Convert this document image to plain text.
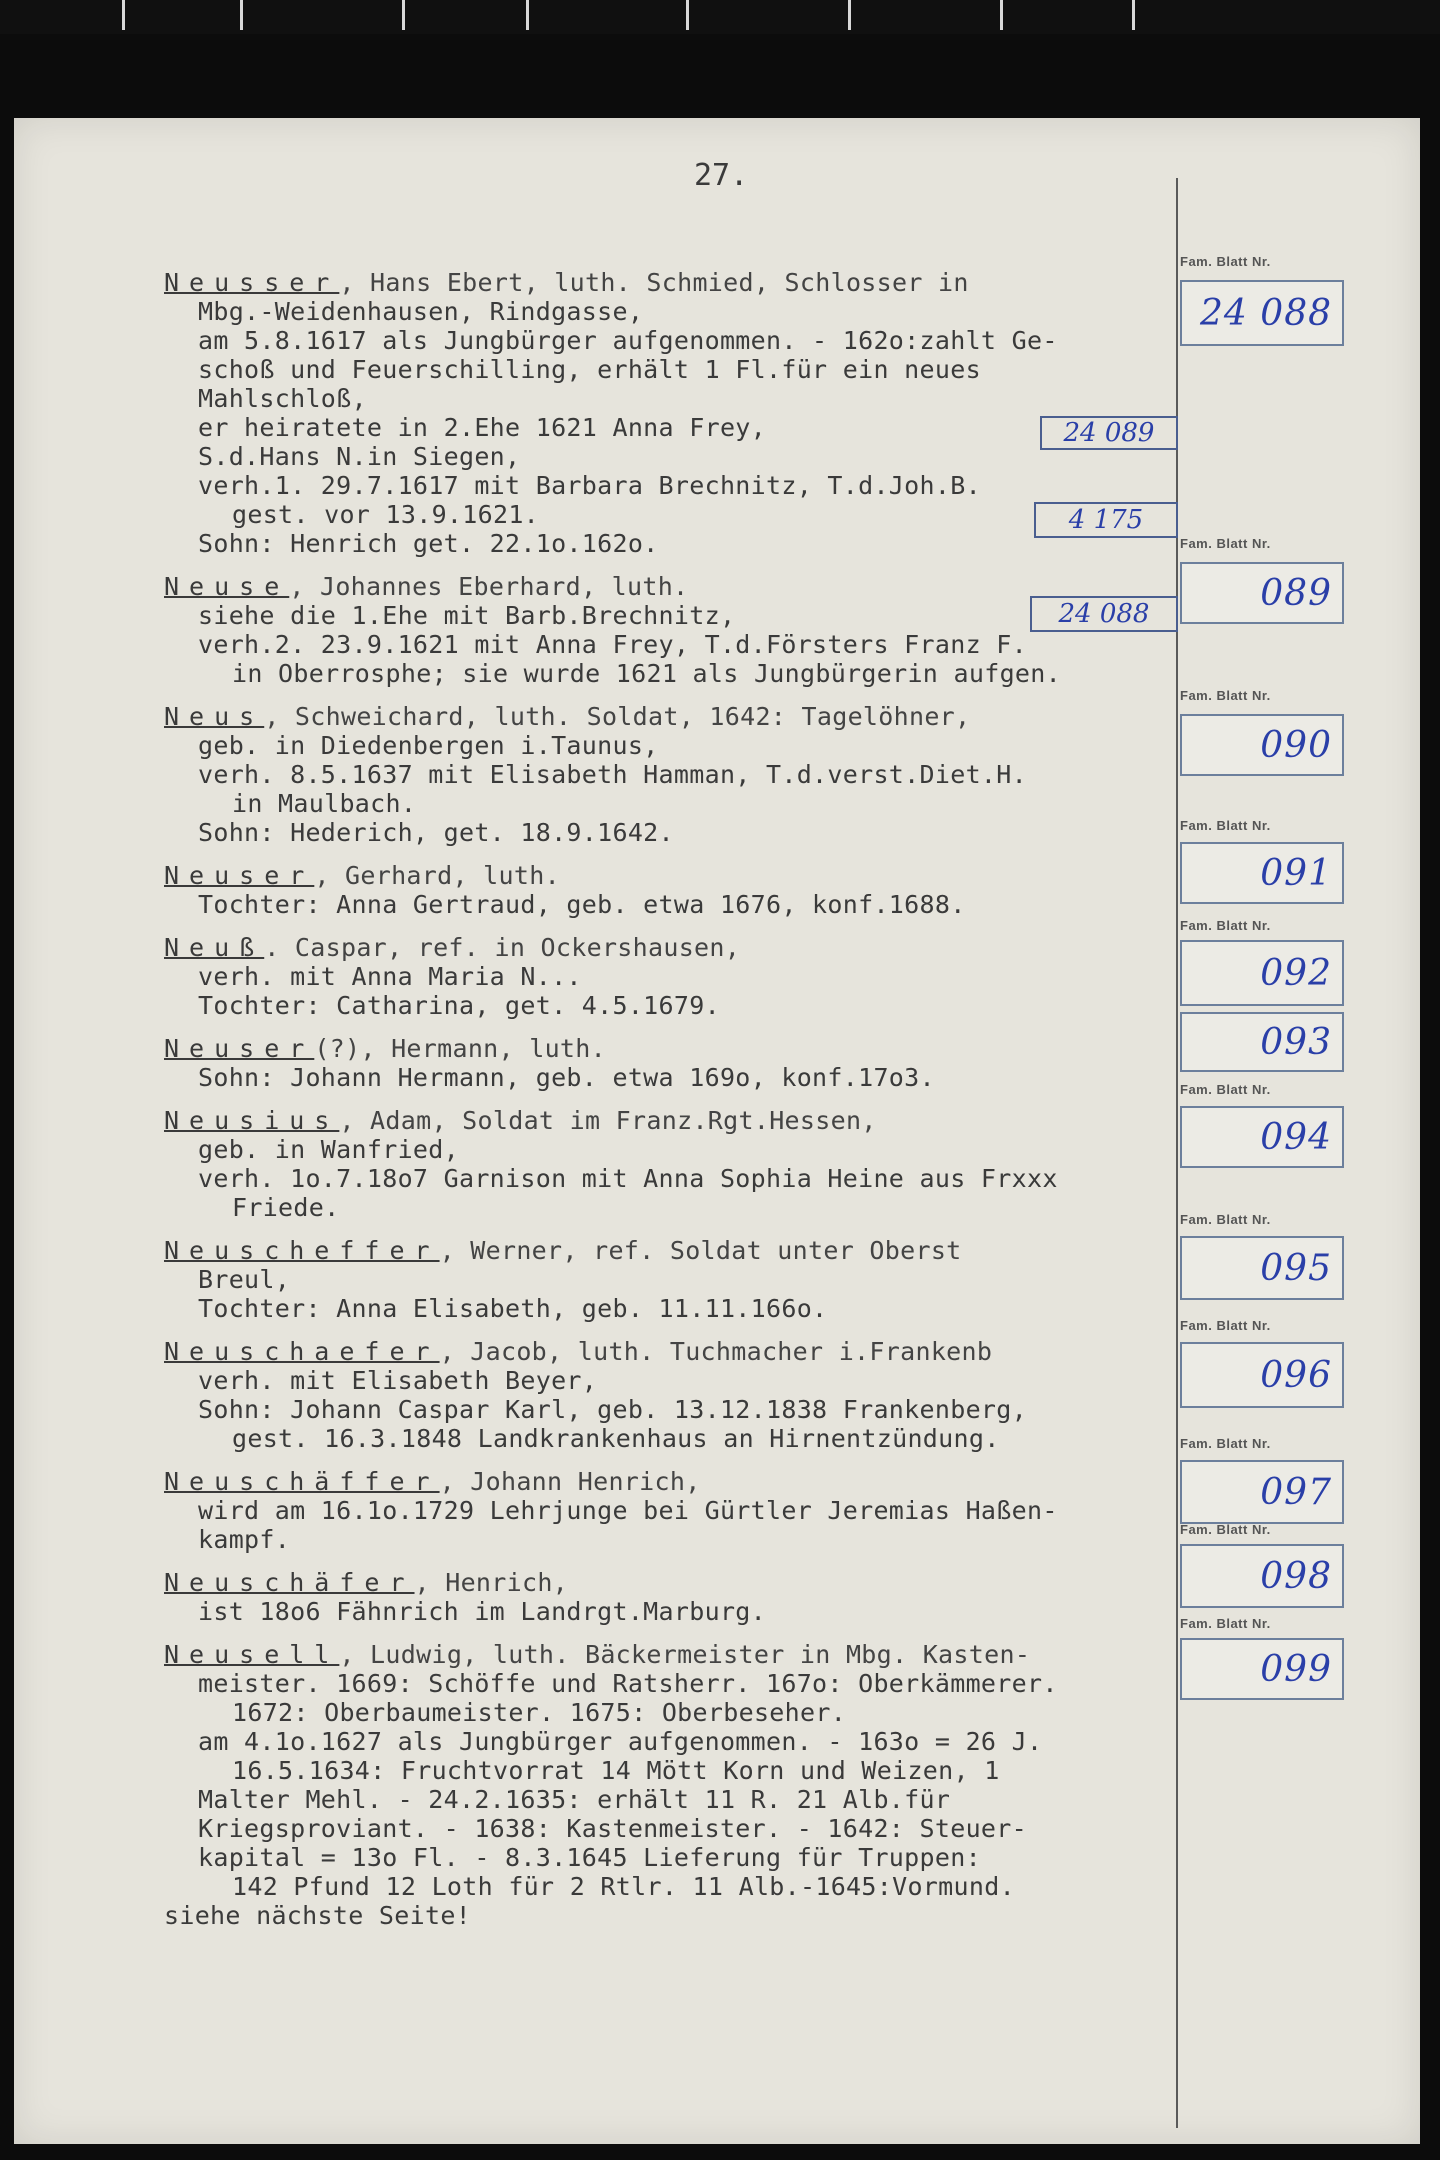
27.
Neusser, Hans Ebert, luth. Schmied, Schlosser in
Mbg.-Weidenhausen, Rindgasse,
am 5.8.1617 als Jungbürger aufgenommen. - 162o:zahlt Ge-
schoß und Feuerschilling, erhält 1 Fl.für ein neues
Mahlschloß,
er heiratete in 2.Ehe 1621 Anna Frey,
S.d.Hans N.in Siegen,
verh.1. 29.7.1617 mit Barbara Brechnitz, T.d.Joh.B.
gest. vor 13.9.1621.
Sohn: Henrich get. 22.1o.162o.
Neuse, Johannes Eberhard, luth.
siehe die 1.Ehe mit Barb.Brechnitz,
verh.2. 23.9.1621 mit Anna Frey, T.d.Försters Franz F.
in Oberrosphe; sie wurde 1621 als Jungbürgerin aufgen.
Neus, Schweichard, luth. Soldat, 1642: Tagelöhner,
geb. in Diedenbergen i.Taunus,
verh. 8.5.1637 mit Elisabeth Hamman, T.d.verst.Diet.H.
in Maulbach.
Sohn: Hederich, get. 18.9.1642.
Neuser, Gerhard, luth.
Tochter: Anna Gertraud, geb. etwa 1676, konf.1688.
Neuß. Caspar, ref. in Ockershausen,
verh. mit Anna Maria N...
Tochter: Catharina, get. 4.5.1679.
Neuser(?), Hermann, luth.
Sohn: Johann Hermann, geb. etwa 169o, konf.17o3.
Neusius, Adam, Soldat im Franz.Rgt.Hessen,
geb. in Wanfried,
verh. 1o.7.18o7 Garnison mit Anna Sophia Heine aus Frxxx
Friede.
Neuscheffer, Werner, ref. Soldat unter Oberst
Breul,
Tochter: Anna Elisabeth, geb. 11.11.166o.
Neuschaefer, Jacob, luth. Tuchmacher i.Frankenb
verh. mit Elisabeth Beyer,
Sohn: Johann Caspar Karl, geb. 13.12.1838 Frankenberg,
gest. 16.3.1848 Landkrankenhaus an Hirnentzündung.
Neuschäffer, Johann Henrich,
wird am 16.1o.1729 Lehrjunge bei Gürtler Jeremias Haßen-
kampf.
Neuschäfer, Henrich,
ist 18o6 Fähnrich im Landrgt.Marburg.
Neusell, Ludwig, luth. Bäckermeister in Mbg. Kasten-
meister. 1669: Schöffe und Ratsherr. 167o: Oberkämmerer.
1672: Oberbaumeister. 1675: Oberbeseher.
am 4.1o.1627 als Jungbürger aufgenommen. - 163o = 26 J.
16.5.1634: Fruchtvorrat 14 Mött Korn und Weizen, 1
Malter Mehl. - 24.2.1635: erhält 11 R. 21 Alb.für
Kriegsproviant. - 1638: Kastenmeister. - 1642: Steuer-
kapital = 13o Fl. - 8.3.1645 Lieferung für Truppen:
142 Pfund 12 Loth für 2 Rtlr. 11 Alb.-1645:Vormund.
siehe nächste Seite!
24 089
4 175
24 088
Fam. Blatt Nr.
24 088
Fam. Blatt Nr.
089
Fam. Blatt Nr.
090
Fam. Blatt Nr.
091
Fam. Blatt Nr.
092
093
Fam. Blatt Nr.
094
Fam. Blatt Nr.
095
Fam. Blatt Nr.
096
Fam. Blatt Nr.
097
Fam. Blatt Nr.
098
Fam. Blatt Nr.
099
